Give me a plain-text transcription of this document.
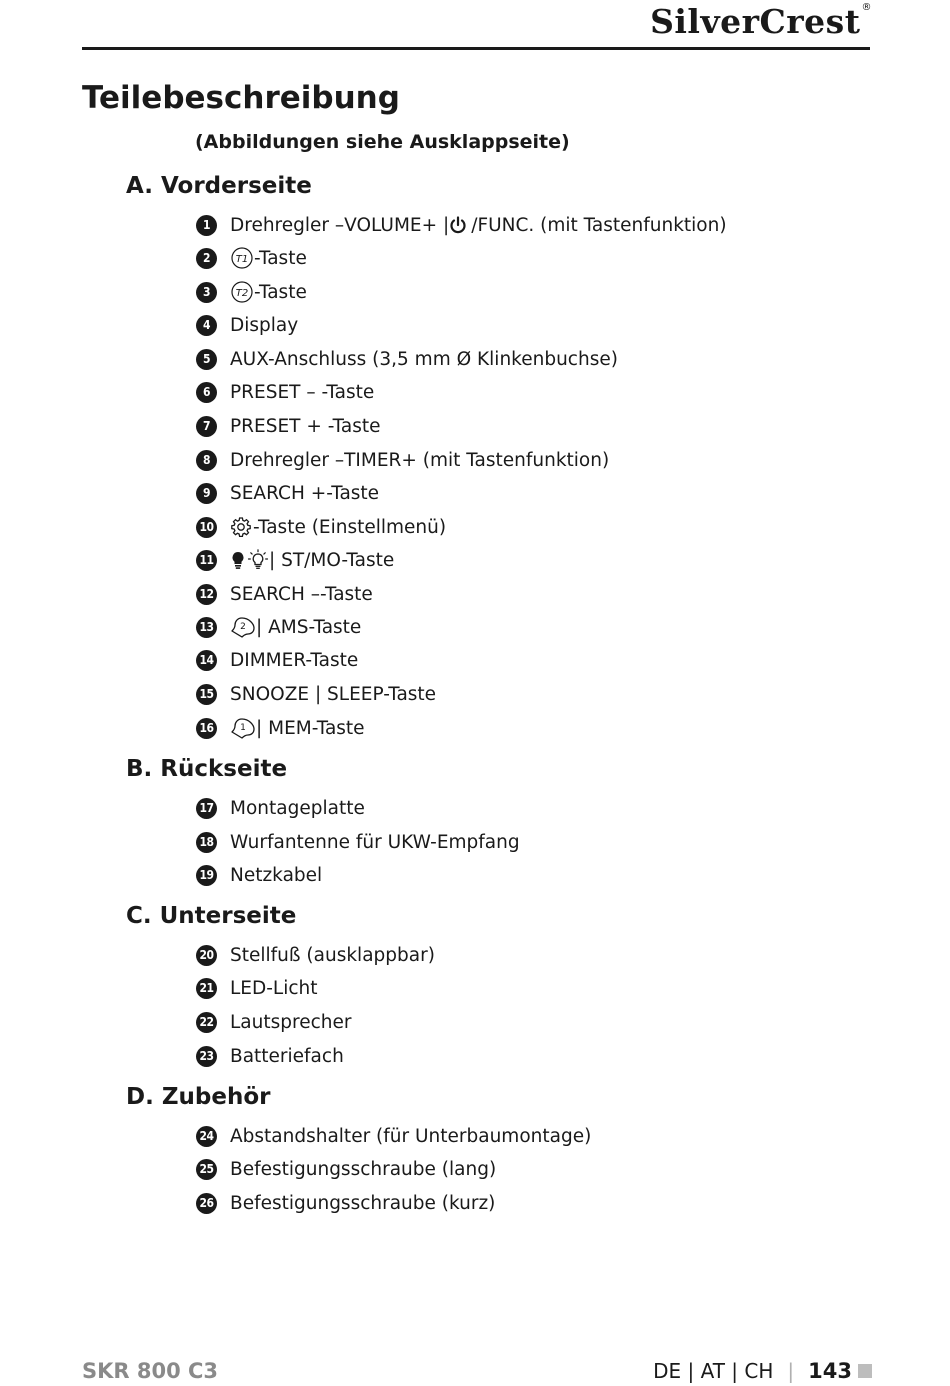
SilverCrest®
Teilebeschreibung
(Abbildungen siehe Ausklappseite)
A. Vorderseite
1	Drehregler –VOLUME+ | /FUNC. (mit Tastenfunktion)
2	T1 -Taste
3	T2 -Taste
4	Display
5	AUX-Anschluss (3,5 mm Ø Klinkenbuchse)
6	PRESET – -Taste
7	PRESET + -Taste
8	Drehregler –TIMER+ (mit Tastenfunktion)
9	SEARCH +-Taste
10 -Taste (Einstellmenü)
11	| ST/MO-Taste
12 SEARCH –-Taste
13	2 | AMS-Taste
14 DIMMER-Taste
15 SNOOZE | SLEEP-Taste
16	1 | MEM-Taste
B. Rückseite
17 Montageplatte
18 Wurfantenne für UKW-Empfang
19 Netzkabel
C. Unterseite
20 Stellfuß (ausklappbar)
21 LED-Licht
22 Lautsprecher
23 Batteriefach
D. Zubehör
24 Abstandshalter (für Unterbaumontage)
25 Befestigungsschraube (lang)
26 Befestigungsschraube (kurz)
SKR 800 C3	DE | AT | CH | 143
